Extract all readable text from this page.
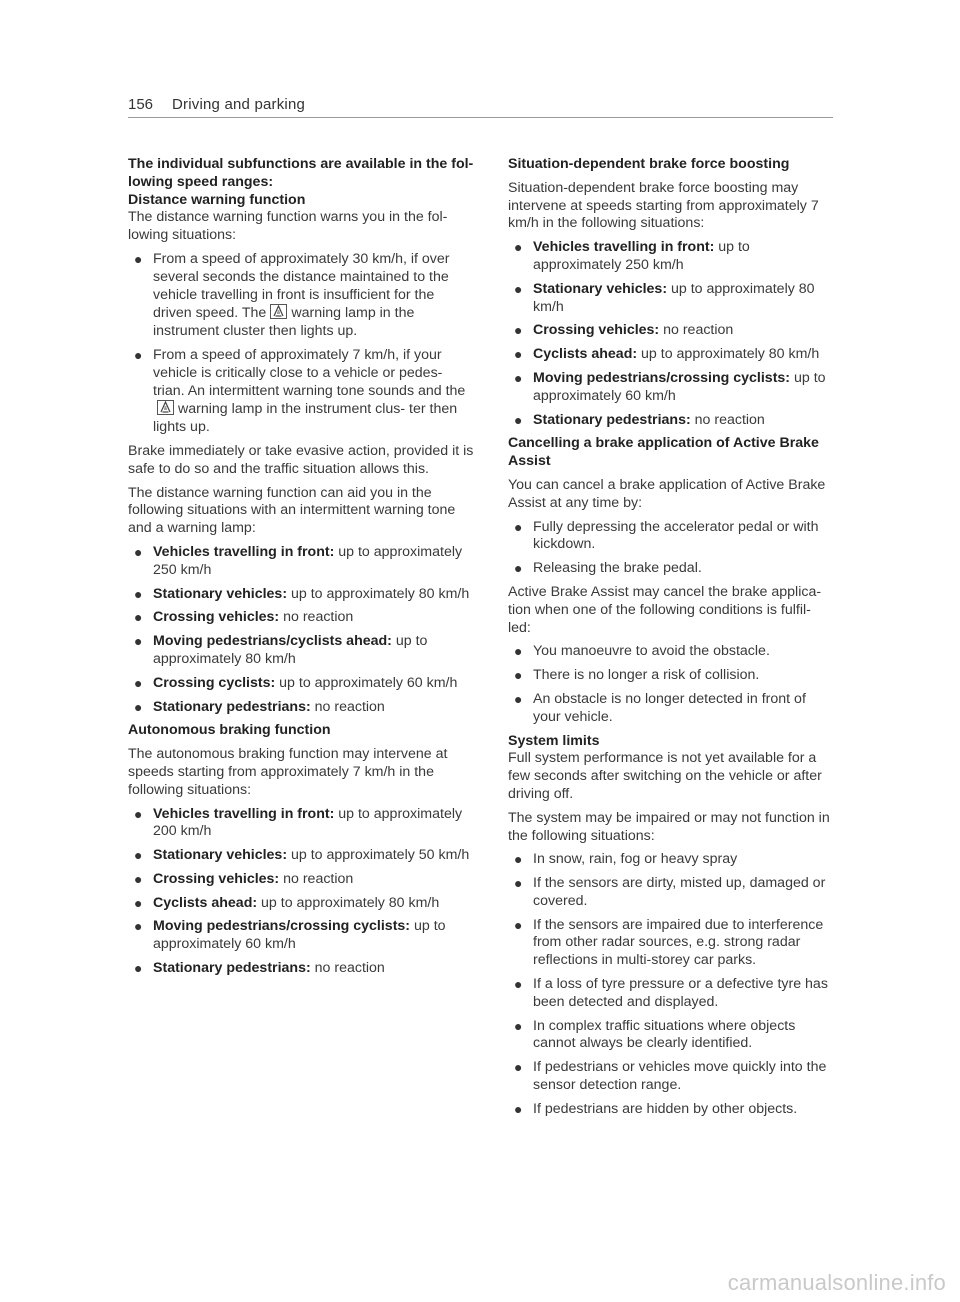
156 Driving and parking

The individual subfunctions are available in the fol-

lowing speed ranges:

Distance warning function

The distance warning function warns you in the fol- lowing situations:

● From a speed of approximately 30 km/h, if over several seconds the distance maintained to the vehicle travelling in front is insufficient for the driven speed. The warning lamp in the instrument cluster then lights up.
● From a speed of approximately 7 km/h, if your vehicle is critically close to a vehicle or pedes- trian. An intermittent warning tone sounds and the
warning lamp in the instrument clus- ter then lights up.

Brake immediately or take evasive action, provided it is safe to do so and the traffic situation allows this.

The distance warning function can aid you in the following situations with an intermittent warning tone and a warning lamp:

● Vehicles travelling in front: up to approximately 250 km/h
● Stationary vehicles: up to approximately 80 km/h
● Crossing vehicles: no reaction
● Moving pedestrians/cyclists ahead: up to approximately 80 km/h
● Crossing cyclists: up to approximately 60 km/h
● Stationary pedestrians: no reaction

Autonomous braking function

The autonomous braking function may intervene at speeds starting from approximately 7 km/h in the following situations:

● Vehicles travelling in front: up to approximately 200 km/h
● Stationary vehicles: up to approximately 50 km/h
● Crossing vehicles: no reaction
● Cyclists ahead: up to approximately 80 km/h
● Moving pedestrians/crossing cyclists: up to approximately 60 km/h
● Stationary pedestrians: no reaction

Situation-dependent brake force boosting

Situation-dependent brake force boosting may intervene at speeds starting from approximately 7 km/h in the following situations:

● Vehicles travelling in front: up to approximately 250 km/h
● Stationary vehicles: up to approximately 80 km/h
● Crossing vehicles: no reaction
● Cyclists ahead: up to approximately 80 km/h
● Moving pedestrians/crossing cyclists: up to approximately 60 km/h
● Stationary pedestrians: no reaction

Cancelling a brake application of Active Brake Assist

You can cancel a brake application of Active Brake Assist at any time by:

● Fully depressing the accelerator pedal or with kickdown.
● Releasing the brake pedal.

Active Brake Assist may cancel the brake applica- tion when one of the following conditions is fulfil- led:

● You manoeuvre to avoid the obstacle.
● There is no longer a risk of collision.
● An obstacle is no longer detected in front of your vehicle.

System limits

Full system performance is not yet available for a few seconds after switching on the vehicle or after driving off.

The system may be impaired or may not function in the following situations:

● In snow, rain, fog or heavy spray
● If the sensors are dirty, misted up, damaged or covered.
● If the sensors are impaired due to interference from other radar sources, e.g. strong radar reflections in multi-storey car parks.
● If a loss of tyre pressure or a defective tyre has been detected and displayed.
● In complex traffic situations where objects cannot always be clearly identified.
● If pedestrians or vehicles move quickly into the sensor detection range.
● If pedestrians are hidden by other objects.
carmanualsonline.info
